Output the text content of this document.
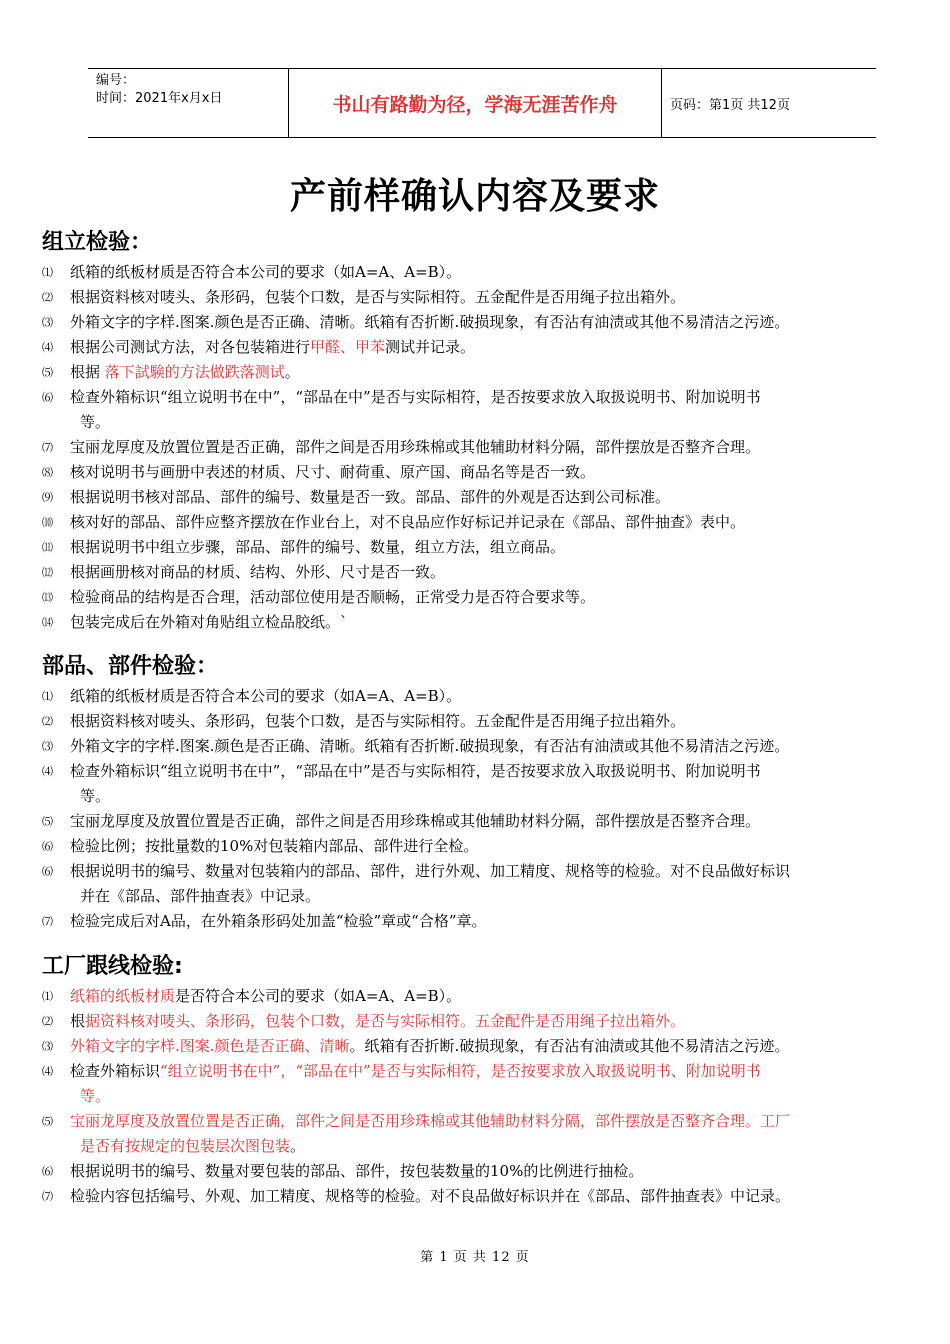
编号：
时间：2021年x月x日	书山有路勤为径，学海无涯苦作舟	页码：第1页 共12页
产前样确认内容及要求
组立检验：
⑴	纸箱的纸板材质是否符合本公司的要求（如A=A、A=B）。
⑵	根据资料核对唛头、条形码，包装个口数，是否与实际相符。五金配件是否用绳子拉出箱外。
⑶	外箱文字的字样.图案.颜色是否正确、清晰。纸箱有否折断.破损现象，有否沾有油渍或其他不易清洁之污迹。
⑷	根据公司测试方法，对各包装箱进行甲醛、甲苯测试并记录。
⑸	根据 落下試験的方法做跌落测试。
⑹	检查外箱标识“组立说明书在中”，“部品在中”是否与实际相符，是否按要求放入取扱说明书、附加说明书
等。
⑺	宝丽龙厚度及放置位置是否正确，部件之间是否用珍珠棉或其他辅助材料分隔，部件摆放是否整齐合理。
⑻	核对说明书与画册中表述的材质、尺寸、耐荷重、原产国、商品名等是否一致。
⑼	根据说明书核对部品、部件的编号、数量是否一致。部品、部件的外观是否达到公司标准。
⑽	核对好的部品、部件应整齐摆放在作业台上，对不良品应作好标记并记录在《部品、部件抽查》表中。
⑾	根据说明书中组立步骤，部品、部件的编号、数量，组立方法，组立商品。
⑿	根据画册核对商品的材质、结构、外形、尺寸是否一致。
⒀	检验商品的结构是否合理，活动部位使用是否顺畅，正常受力是否符合要求等。
⒁	包装完成后在外箱对角贴组立检品胶纸。`
部品、部件检验：
⑴	纸箱的纸板材质是否符合本公司的要求（如A=A、A=B）。
⑵	根据资料核对唛头、条形码，包装个口数，是否与实际相符。五金配件是否用绳子拉出箱外。
⑶	外箱文字的字样.图案.颜色是否正确、清晰。纸箱有否折断.破损现象，有否沾有油渍或其他不易清洁之污迹。
⑷	检查外箱标识“组立说明书在中”，“部品在中”是否与实际相符，是否按要求放入取扱说明书、附加说明书
等。
⑸	宝丽龙厚度及放置位置是否正确，部件之间是否用珍珠棉或其他辅助材料分隔，部件摆放是否整齐合理。
⑹	检验比例；按批量数的10%对包装箱内部品、部件进行全检。
⑹	根据说明书的编号、数量对包装箱内的部品、部件，进行外观、加工精度、规格等的检验。对不良品做好标识
并在《部品、部件抽查表》中记录。
⑺	检验完成后对A品，在外箱条形码处加盖“检验”章或“合格”章。
工厂跟线检验:
⑴	纸箱的纸板材质是否符合本公司的要求（如A=A、A=B）。
⑵	根据资料核对唛头、条形码，包装个口数，是否与实际相符。五金配件是否用绳子拉出箱外。
⑶	外箱文字的字样.图案.颜色是否正确、清晰。纸箱有否折断.破损现象，有否沾有油渍或其他不易清洁之污迹。
⑷	检查外箱标识“组立说明书在中”，“部品在中”是否与实际相符，是否按要求放入取扱说明书、附加说明书
等。
⑸	宝丽龙厚度及放置位置是否正确，部件之间是否用珍珠棉或其他辅助材料分隔，部件摆放是否整齐合理。工厂
是否有按规定的包装层次图包装。
⑹	根据说明书的编号、数量对要包装的部品、部件，按包装数量的10%的比例进行抽检。
⑺	检验内容包括编号、外观、加工精度、规格等的检验。对不良品做好标识并在《部品、部件抽查表》中记录。
第 1 页 共 12 页
